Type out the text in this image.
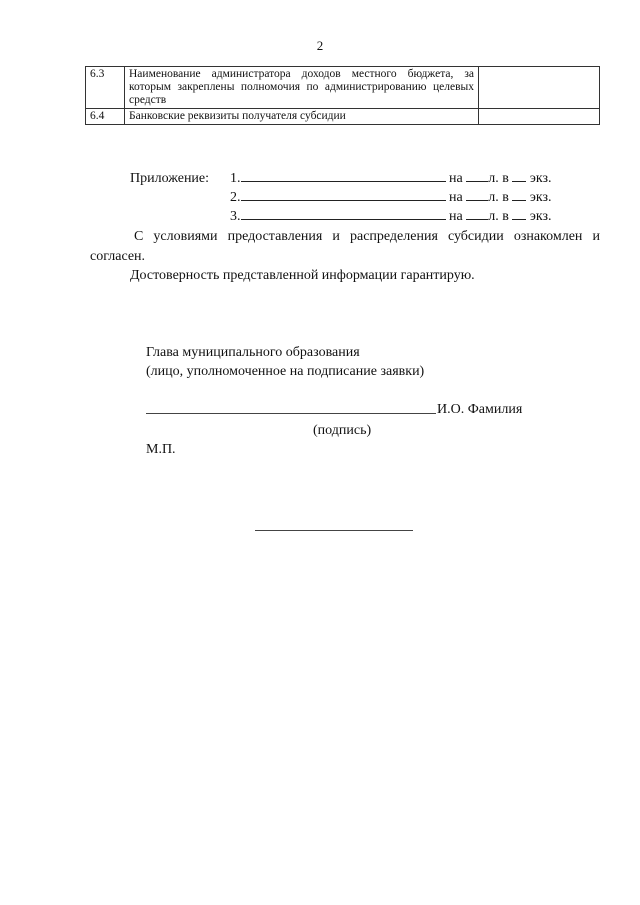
2
6.3	Наименование администратора доходов местного бюджета, за которым закреплены полномочия по администрированию целевых средств	
6.4	Банковские реквизиты получателя субсидии	
Приложение: 1.	на л. в экз.
2.	на л. в экз.
3.	на л. в экз.
С условиями предоставления и распределения субсидии ознакомлен и согласен.
Достоверность представленной информации гарантирую.
Глава муниципального образования
(лицо, уполномоченное на подписание заявки)
И.О. Фамилия
(подпись)
М.П.
